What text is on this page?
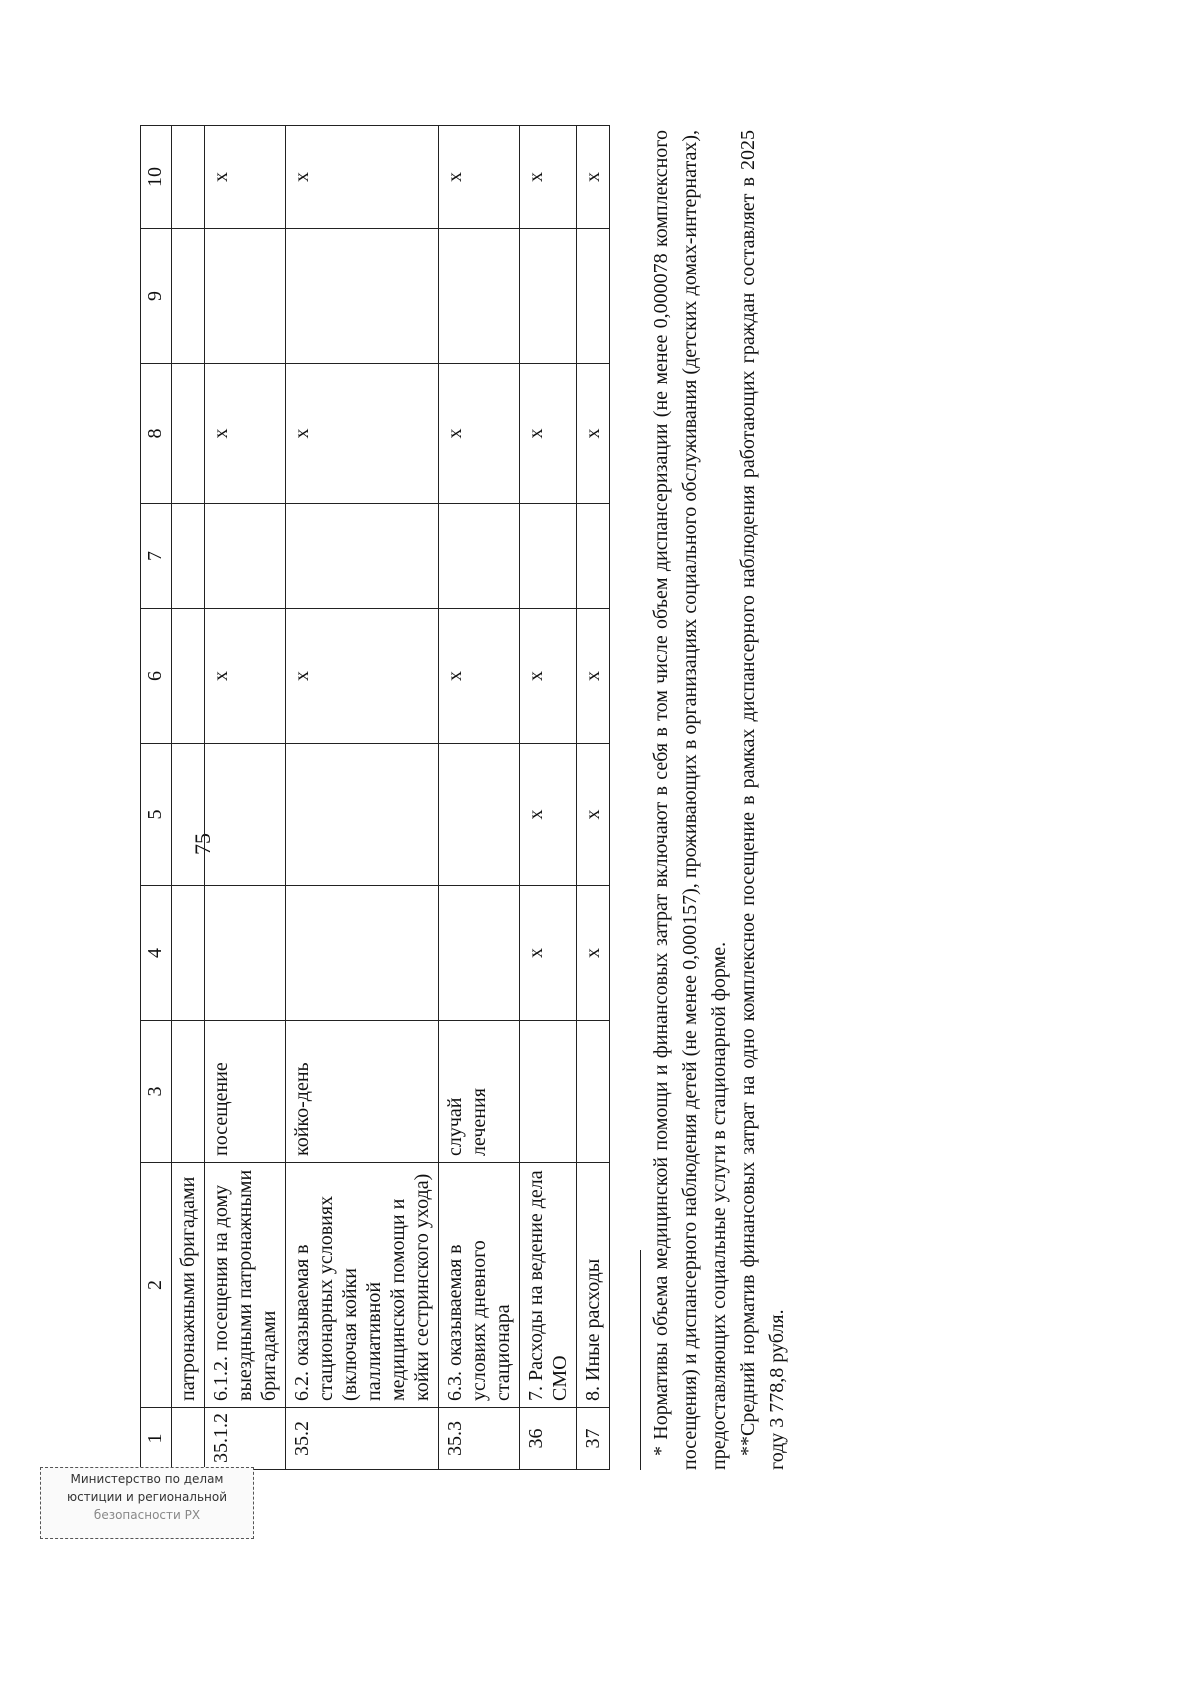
75
1	2	3	4	5	6	7	8	9	10
	патронажными бригадами								
35.1.2	6.1.2. посещения на дому выездными патронажными бригадами	посещение			х		х		х
35.2	6.2. оказываемая в стационарных условиях (включая койки паллиативной медицинской помощи и койки сестринского ухода)	койко-день			х		х		х
35.3	6.3. оказываемая в условиях дневного стационара	случай лечения			х		х		х
36	7. Расходы на ведение дела СМО		х	х	х		х		х
37	8. Иные расходы		х	х	х		х		х * Нормативы объема медицинской помощи и финансовых затрат включают в себя в том числе объем диспансеризации (не менее 0,000078 комплексного посещения) и диспансерного наблюдения детей (не менее 0,000157), проживающих в организациях социального обслуживания (детских домах-интернатах), предоставляющих социальные услуги в стационарной форме. **Средний норматив финансовых затрат на одно комплексное посещение в рамках диспансерного наблюдения работающих граждан составляет в 2025 году 3 778,8 рубля.

Министерство по делам
юстиции и региональной
безопасности РХ
